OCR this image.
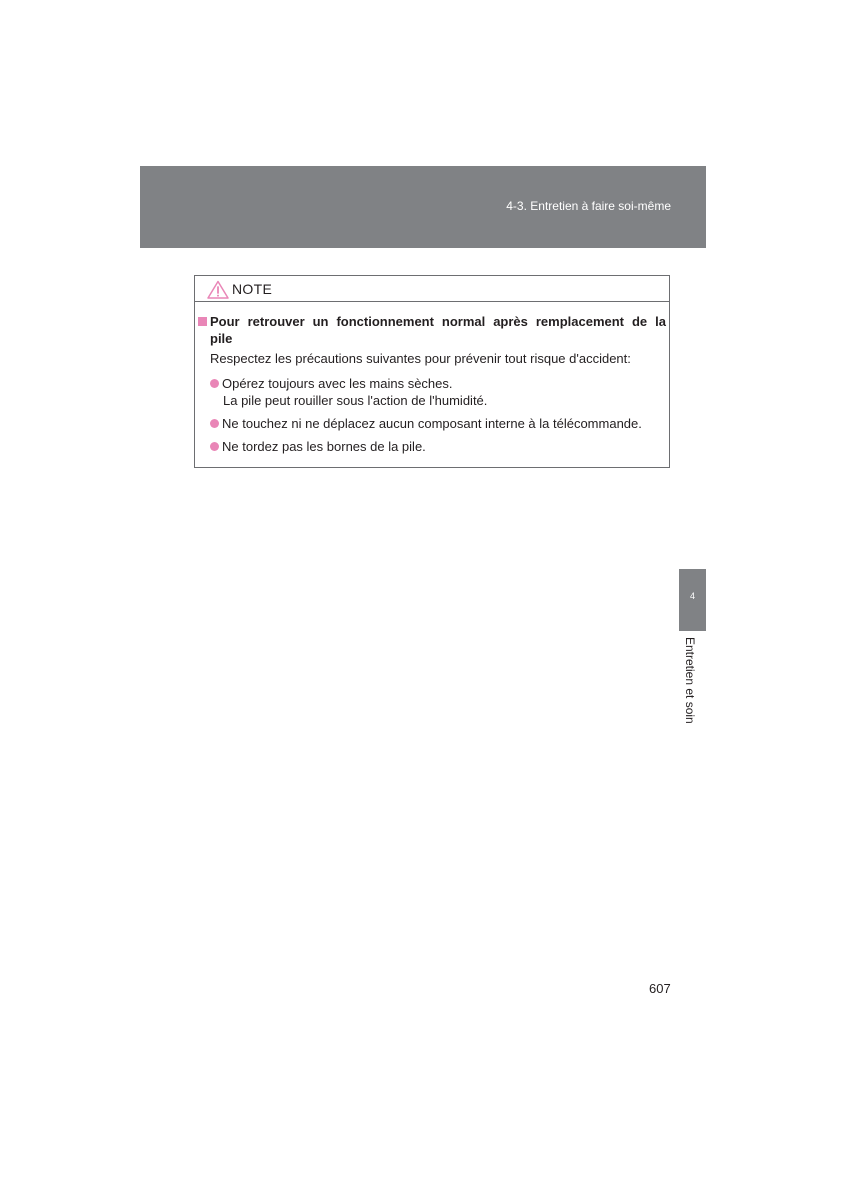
4-3. Entretien à faire soi-même
NOTE
Pour retrouver un fonctionnement normal après remplacement de la
pile
Respectez les précautions suivantes pour prévenir tout risque d'accident:
Opérez toujours avec les mains sèches.
La pile peut rouiller sous l'action de l'humidité.
Ne touchez ni ne déplacez aucun composant interne à la télécommande.
Ne tordez pas les bornes de la pile.
4
Entretien et soin
607
